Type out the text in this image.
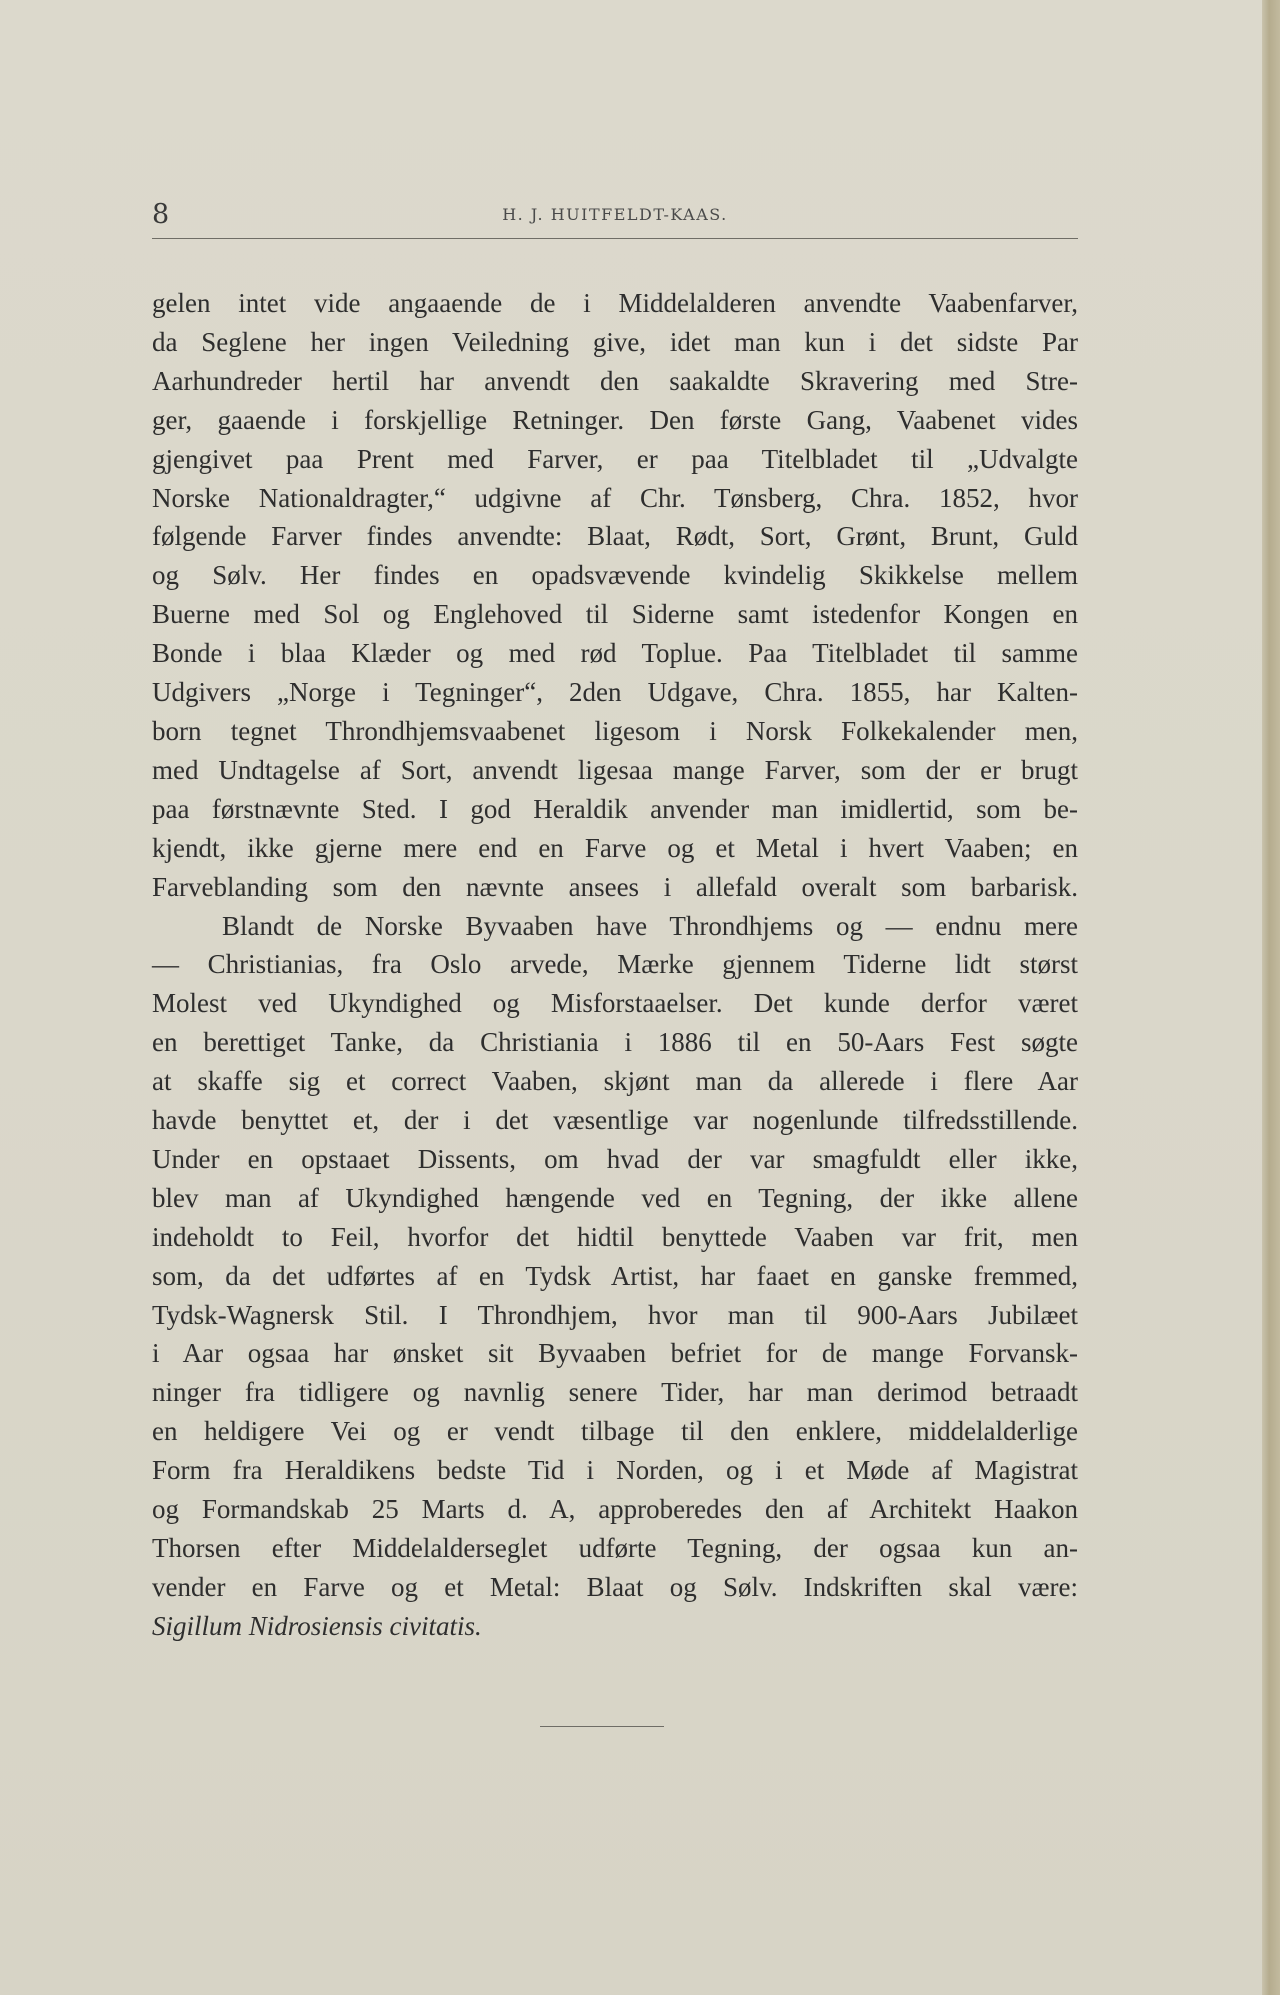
8	H. J. HUITFELDT-KAAS.

gelen intet vide angaaende de i Middelalderen anvendte Vaabenfarver,
da Seglene her ingen Veiledning give, idet man kun i det sidste Par
Aarhundreder hertil har anvendt den saakaldte Skravering med Stre-
ger, gaaende i forskjellige Retninger. Den første Gang, Vaabenet vides
gjengivet paa Prent med Farver, er paa Titelbladet til „Udvalgte
Norske Nationaldragter,“ udgivne af Chr. Tønsberg, Chra. 1852, hvor
følgende Farver findes anvendte: Blaat, Rødt, Sort, Grønt, Brunt, Guld
og Sølv. Her findes en opadsvævende kvindelig Skikkelse mellem
Buerne med Sol og Englehoved til Siderne samt istedenfor Kongen en
Bonde i blaa Klæder og med rød Toplue. Paa Titelbladet til samme
Udgivers „Norge i Tegninger“, 2den Udgave, Chra. 1855, har Kalten-
born tegnet Throndhjemsvaabenet ligesom i Norsk Folkekalender men,
med Undtagelse af Sort, anvendt ligesaa mange Farver, som der er brugt
paa førstnævnte Sted. I god Heraldik anvender man imidlertid, som be-
kjendt, ikke gjerne mere end en Farve og et Metal i hvert Vaaben; en
Farveblanding som den nævnte ansees i allefald overalt som barbarisk.

Blandt de Norske Byvaaben have Throndhjems og — endnu mere
— Christianias, fra Oslo arvede, Mærke gjennem Tiderne lidt størst
Molest ved Ukyndighed og Misforstaaelser. Det kunde derfor været
en berettiget Tanke, da Christiania i 1886 til en 50-Aars Fest søgte
at skaffe sig et correct Vaaben, skjønt man da allerede i flere Aar
havde benyttet et, der i det væsentlige var nogenlunde tilfredsstillende.
Under en opstaaet Dissents, om hvad der var smagfuldt eller ikke,
blev man af Ukyndighed hængende ved en Tegning, der ikke allene
indeholdt to Feil, hvorfor det hidtil benyttede Vaaben var frit, men
som, da det udførtes af en Tydsk Artist, har faaet en ganske fremmed,
Tydsk-Wagnersk Stil. I Throndhjem, hvor man til 900-Aars Jubilæet
i Aar ogsaa har ønsket sit Byvaaben befriet for de mange Forvansk-
ninger fra tidligere og navnlig senere Tider, har man derimod betraadt
en heldigere Vei og er vendt tilbage til den enklere, middelalderlige
Form fra Heraldikens bedste Tid i Norden, og i et Møde af Magistrat
og Formandskab 25 Marts d. A, approberedes den af Architekt Haakon
Thorsen efter Middelalderseglet udførte Tegning, der ogsaa kun an-
vender en Farve og et Metal: Blaat og Sølv. Indskriften skal være:
Sigillum Nidrosiensis civitatis.
